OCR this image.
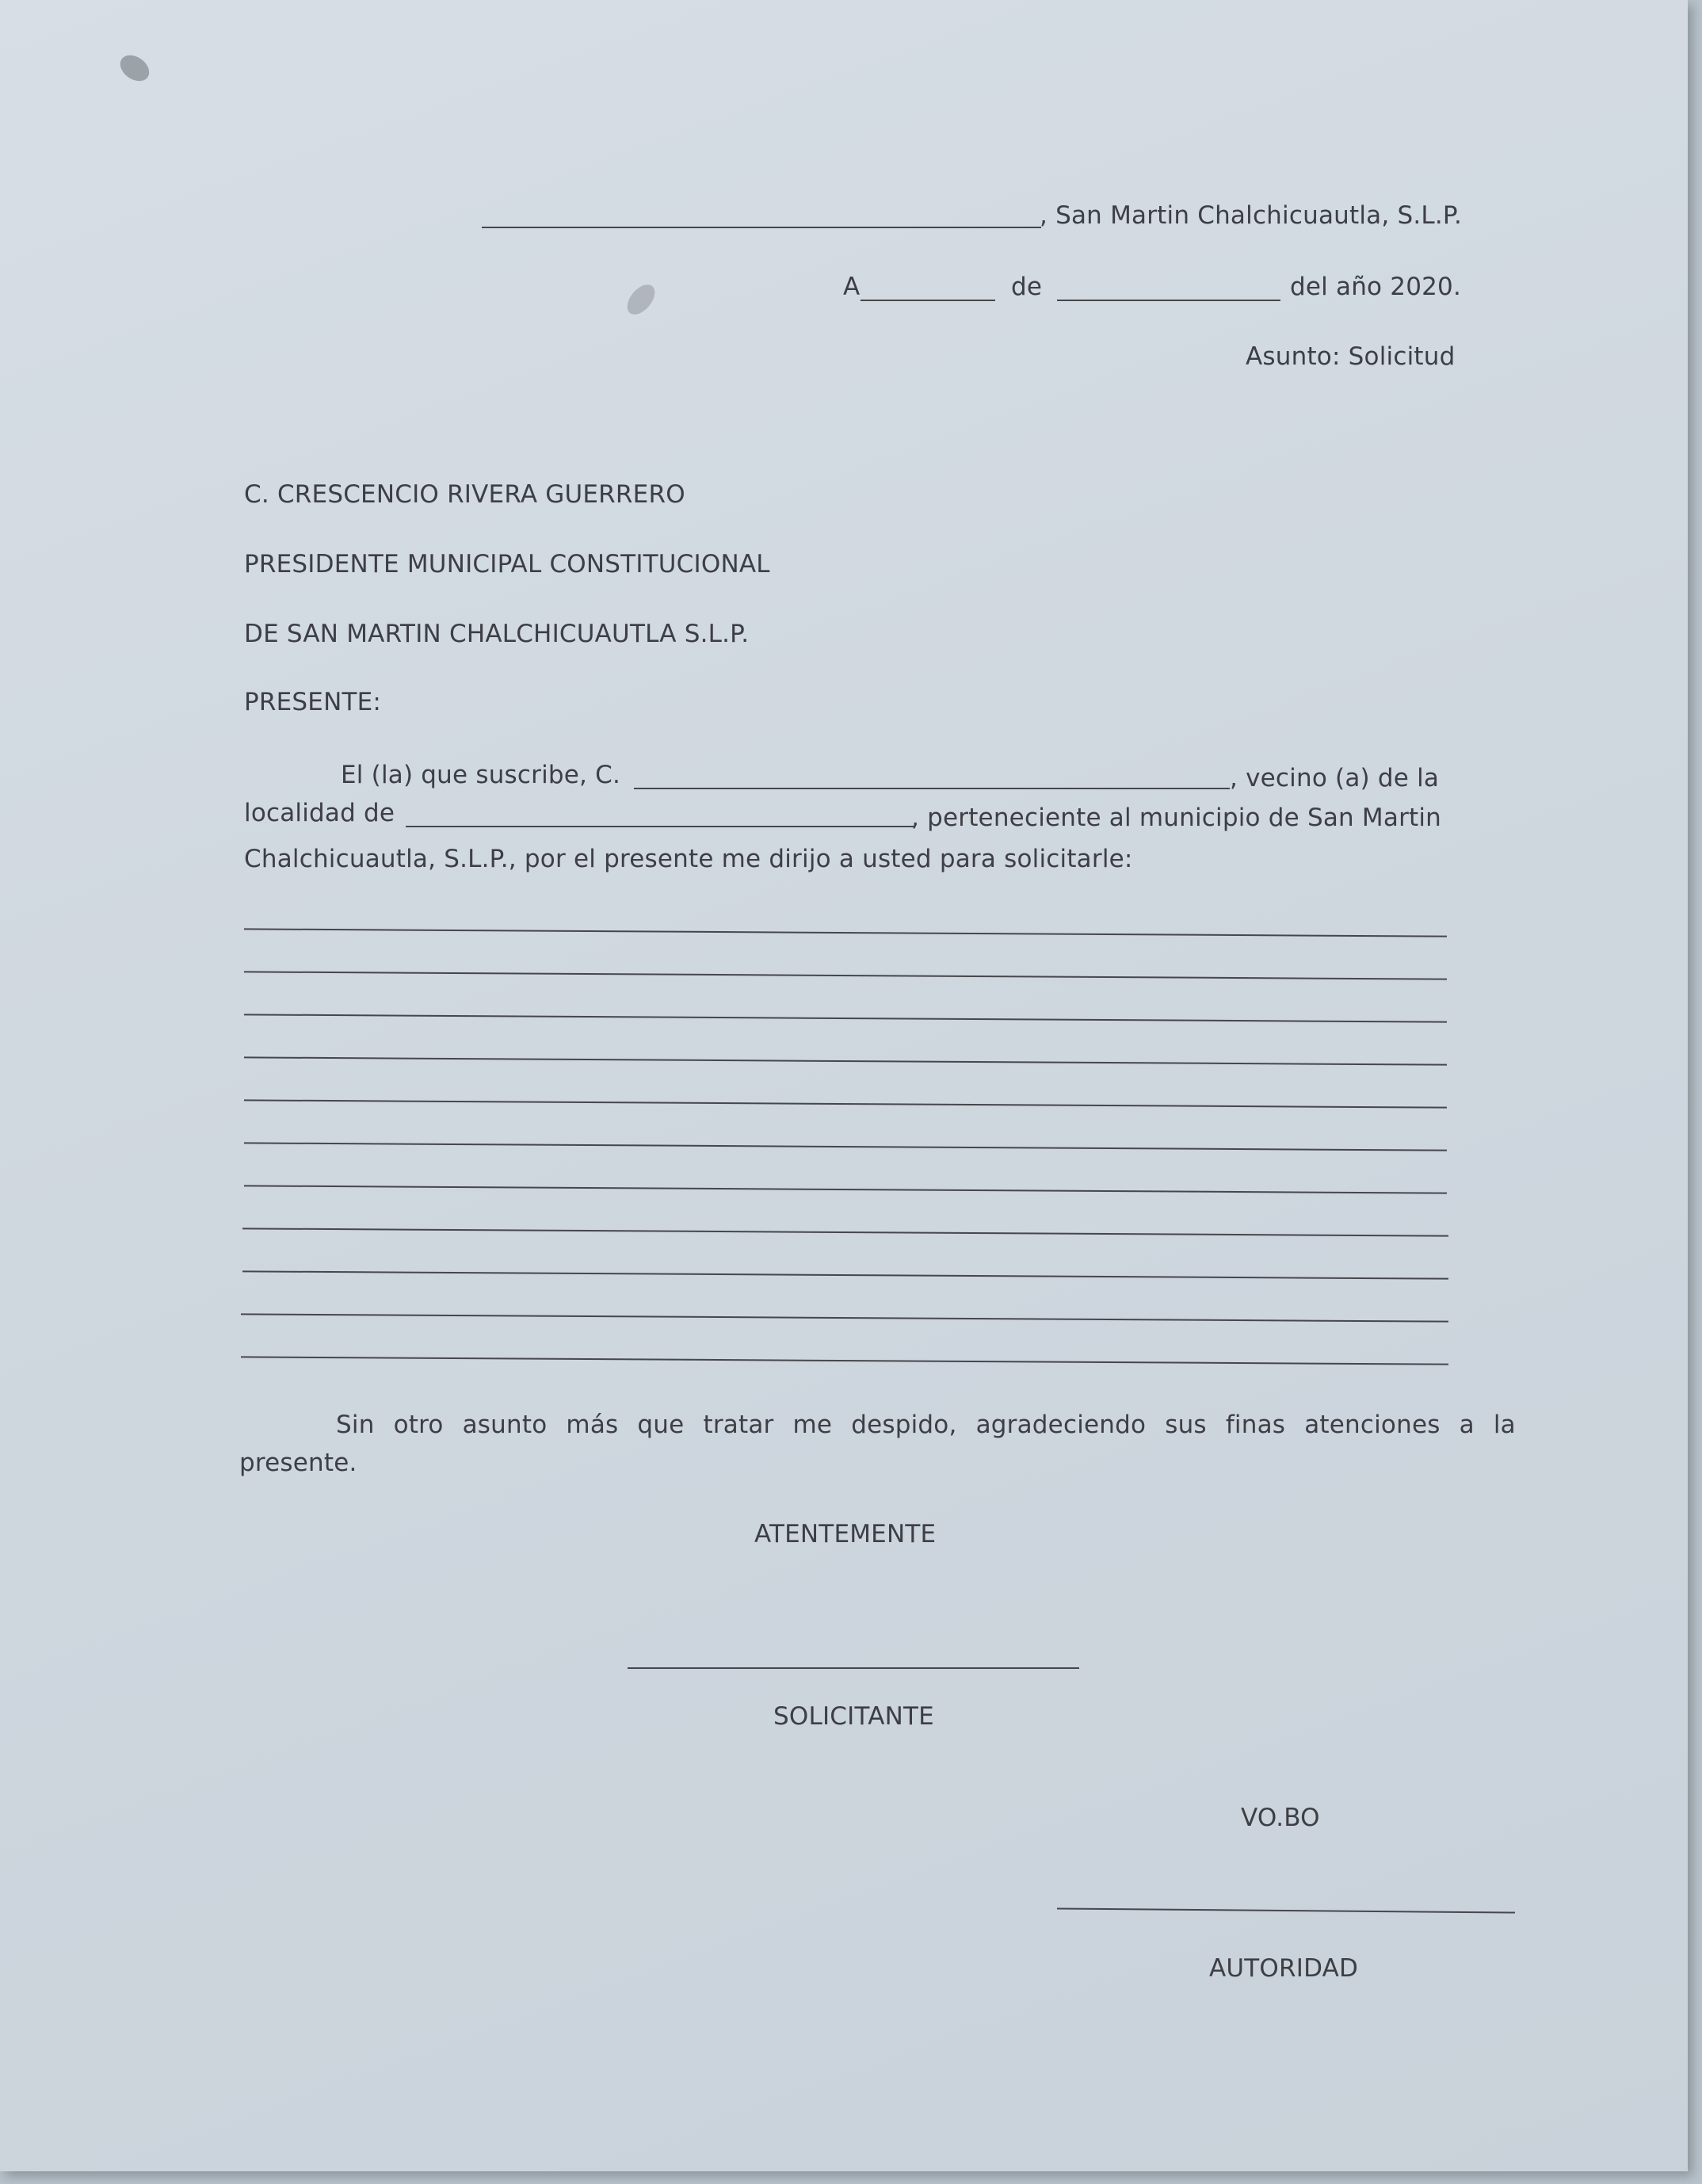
, San Martin Chalchicuautla, S.L.P.
A	de	del año 2020.
Asunto: Solicitud
C. CRESCENCIO RIVERA GUERRERO
PRESIDENTE MUNICIPAL CONSTITUCIONAL
DE SAN MARTIN CHALCHICUAUTLA S.L.P.
PRESENTE:
El (la) que suscribe, C.	, vecino (a) de la
localidad de	, perteneciente al municipio de San Martin
Chalchicuautla, S.L.P., por el presente me dirijo a usted para solicitarle:
Sin otro asunto más que tratar me despido, agradeciendo sus finas atenciones a la
presente.
ATENTEMENTE
SOLICITANTE
VO.BO
AUTORIDAD
